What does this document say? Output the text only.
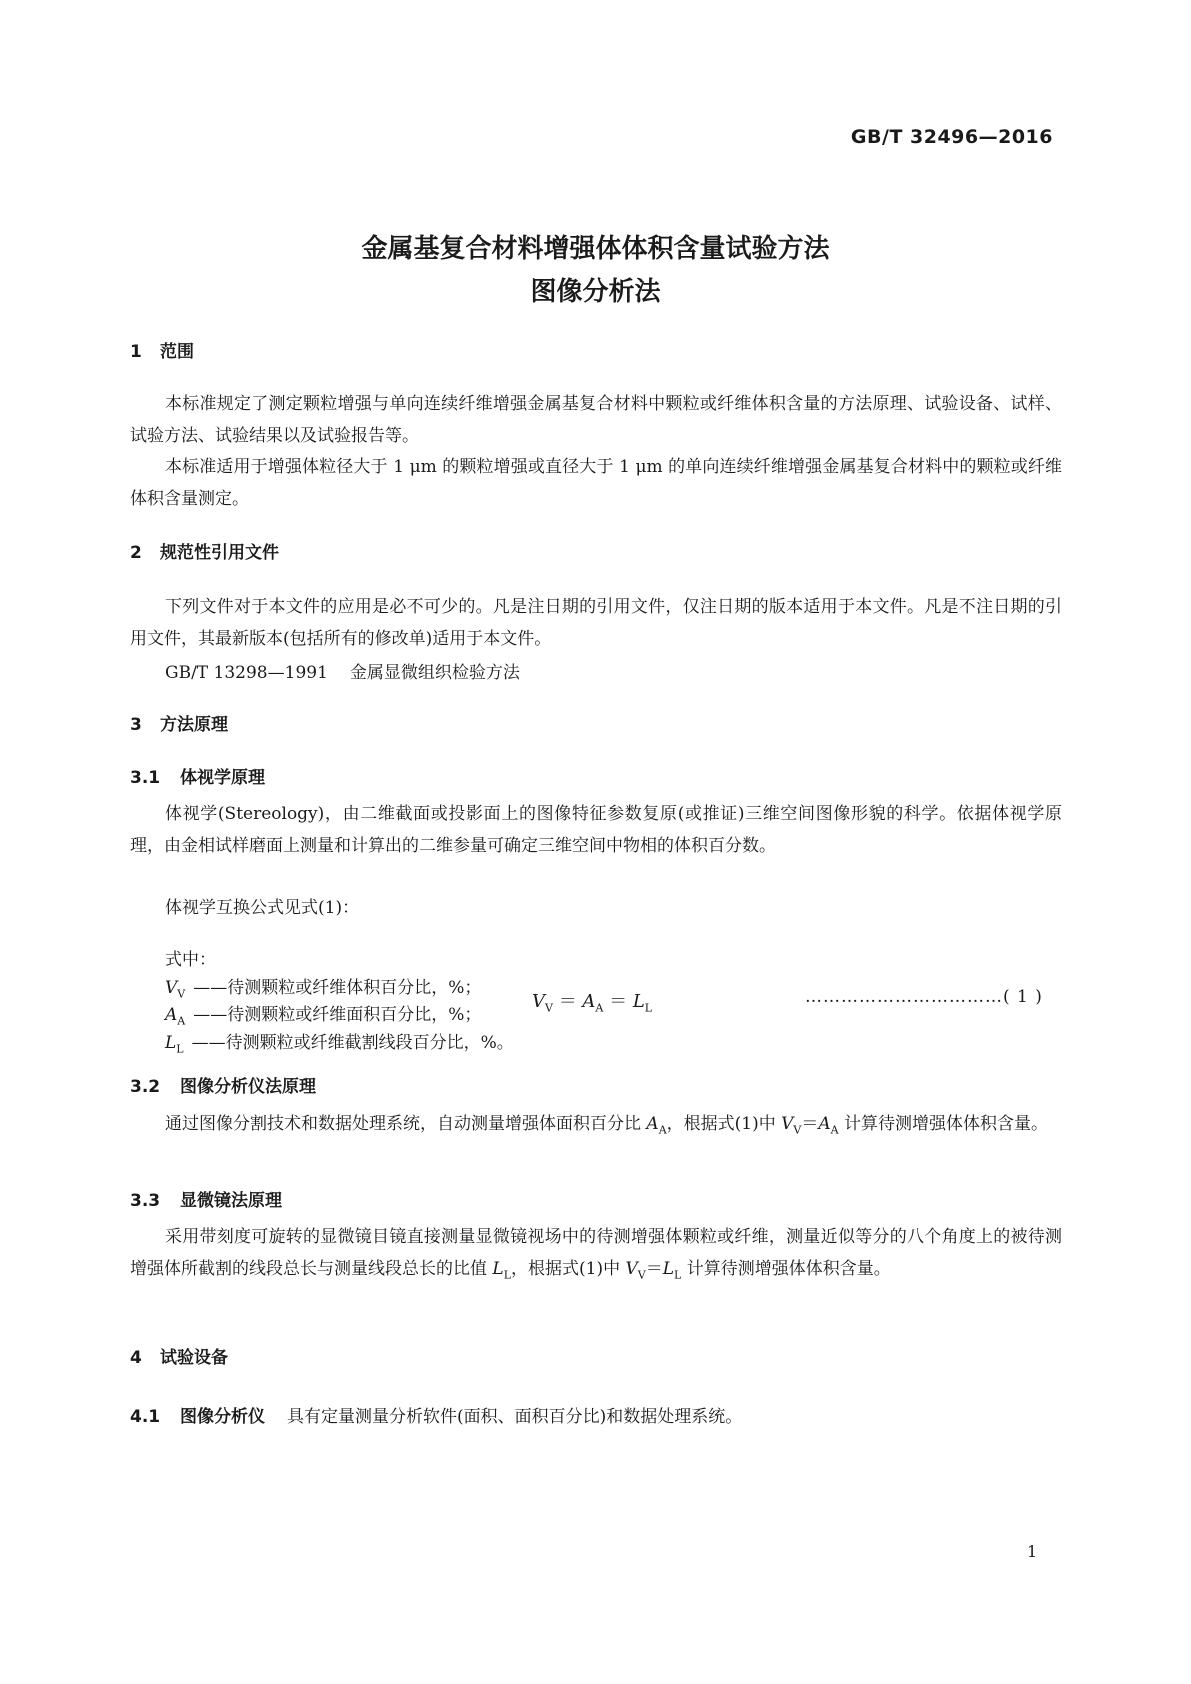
GB/T 32496—2016
金属基复合材料增强体体积含量试验方法
图像分析法
1 范围
本标准规定了测定颗粒增强与单向连续纤维增强金属基复合材料中颗粒或纤维体积含量的方法原理、试验设备、试样、试验方法、试验结果以及试验报告等。
本标准适用于增强体粒径大于 1 μm 的颗粒增强或直径大于 1 μm 的单向连续纤维增强金属基复合材料中的颗粒或纤维体积含量测定。
2 规范性引用文件
下列文件对于本文件的应用是必不可少的。凡是注日期的引用文件，仅注日期的版本适用于本文件。凡是不注日期的引用文件，其最新版本(包括所有的修改单)适用于本文件。
GB/T 13298—1991 金属显微组织检验方法
3 方法原理
3.1 体视学原理
体视学(Stereology)，由二维截面或投影面上的图像特征参数复原(或推证)三维空间图像形貌的科学。依据体视学原理，由金相试样磨面上测量和计算出的二维参量可确定三维空间中物相的体积百分数。
体视学互换公式见式(1)：
$V_V = A_A = L_L$
……………………………( 1 )
式中：
$V_V$ ——待测颗粒或纤维体积百分比，%；
$A_A$ ——待测颗粒或纤维面积百分比，%；
$L_L$ ——待测颗粒或纤维截割线段百分比，%。
3.2 图像分析仪法原理
通过图像分割技术和数据处理系统，自动测量增强体面积百分比 $A_A$，根据式(1)中 $V_V=A_A$ 计算待测增强体体积含量。
3.3 显微镜法原理
采用带刻度可旋转的显微镜目镜直接测量显微镜视场中的待测增强体颗粒或纤维，测量近似等分的八个角度上的被待测增强体所截割的线段总长与测量线段总长的比值 $L_L$，根据式(1)中 $V_V=L_L$ 计算待测增强体体积含量。
4 试验设备
4.1 图像分析仪 具有定量测量分析软件(面积、面积百分比)和数据处理系统。
1
